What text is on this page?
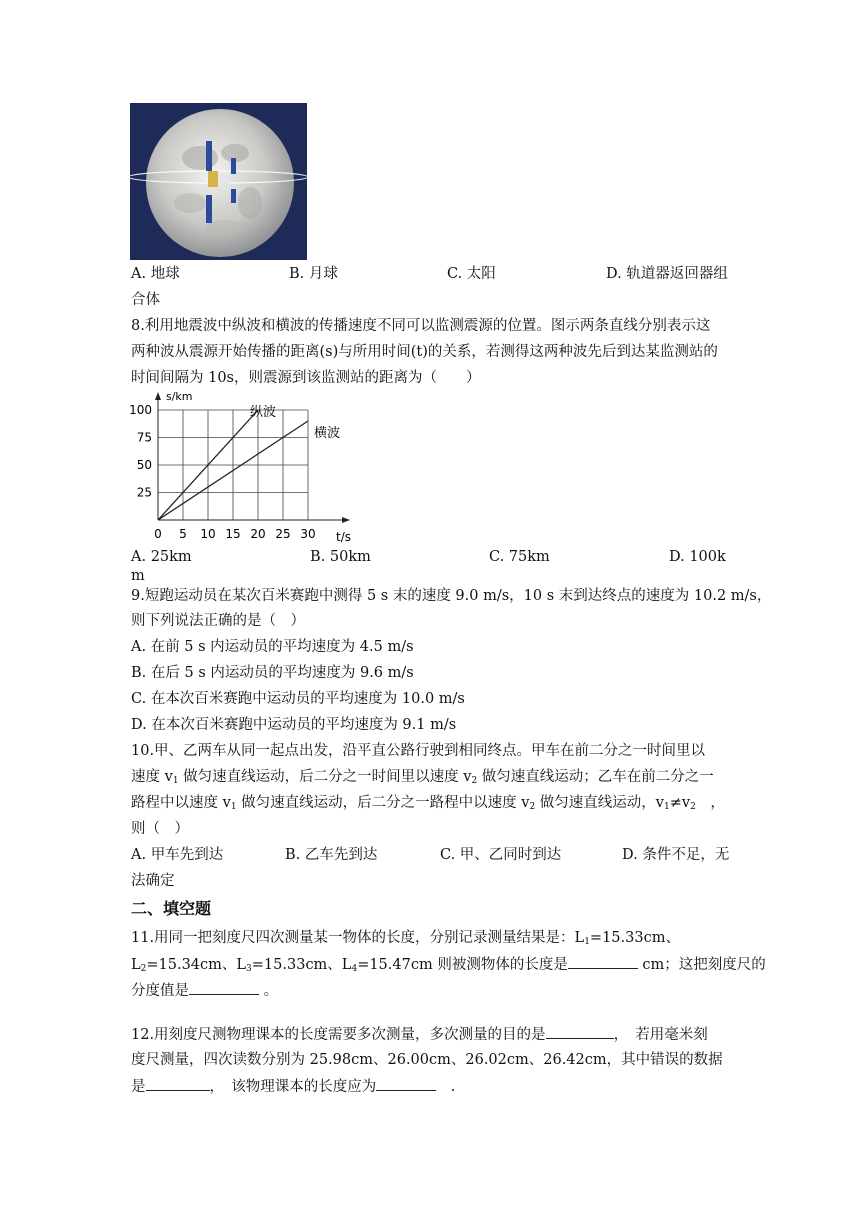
A. 地球	B. 月球	C. 太阳	D. 轨道器返回器组
合体
8.利用地震波中纵波和横波的传播速度不同可以监测震源的位置。图示两条直线分别表示这
两种波从震源开始传播的距离(s)与所用时间(t)的关系，若测得这两种波先后到达某监测站的
时间间隔为 10s，则震源到该监测站的距离为（　　）
0 5 10 15 20 25 30
25
50
75
100
s/km
t/s
纵波
横波
A. 25km	B. 50km	C. 75km	D. 100k
m
9.短跑运动员在某次百米赛跑中测得 5 s 末的速度 9.0 m/s，10 s 末到达终点的速度为 10.2 m/s，
则下列说法正确的是（　）
A. 在前 5 s 内运动员的平均速度为 4.5 m/s
B. 在后 5 s 内运动员的平均速度为 9.6 m/s
C. 在本次百米赛跑中运动员的平均速度为 10.0 m/s
D. 在本次百米赛跑中运动员的平均速度为 9.1 m/s
10.甲、乙两车从同一起点出发，沿平直公路行驶到相同终点。甲车在前二分之一时间里以
速度 $v_1$ 做匀速直线运动，后二分之一时间里以速度 $v_2$ 做匀速直线运动；乙车在前二分之一
路程中以速度 $v_1$ 做匀速直线运动，后二分之一路程中以速度 $v_2$ 做匀速直线运动，$v_1\ne v_2$　，
则（　）
A. 甲车先到达	B. 乙车先到达	C. 甲、乙同时到达	D. 条件不足，无
法确定
二、填空题
11.用同一把刻度尺四次测量某一物体的长度，分别记录测量结果是：$L_1=15.33cm$、
$L_2=15.34cm$、$L_3=15.33cm$、$L_4=15.47cm$ 则被测物体的长度是	cm；这把刻度尺的
分度值是	。
12.用刻度尺测物理课本的长度需要多次测量，多次测量的目的是	，　若用毫米刻
度尺测量，四次读数分别为 25.98cm、26.00cm、26.02cm、26.42cm，其中错误的数据
是	，　该物理课本的长度应为	　.
